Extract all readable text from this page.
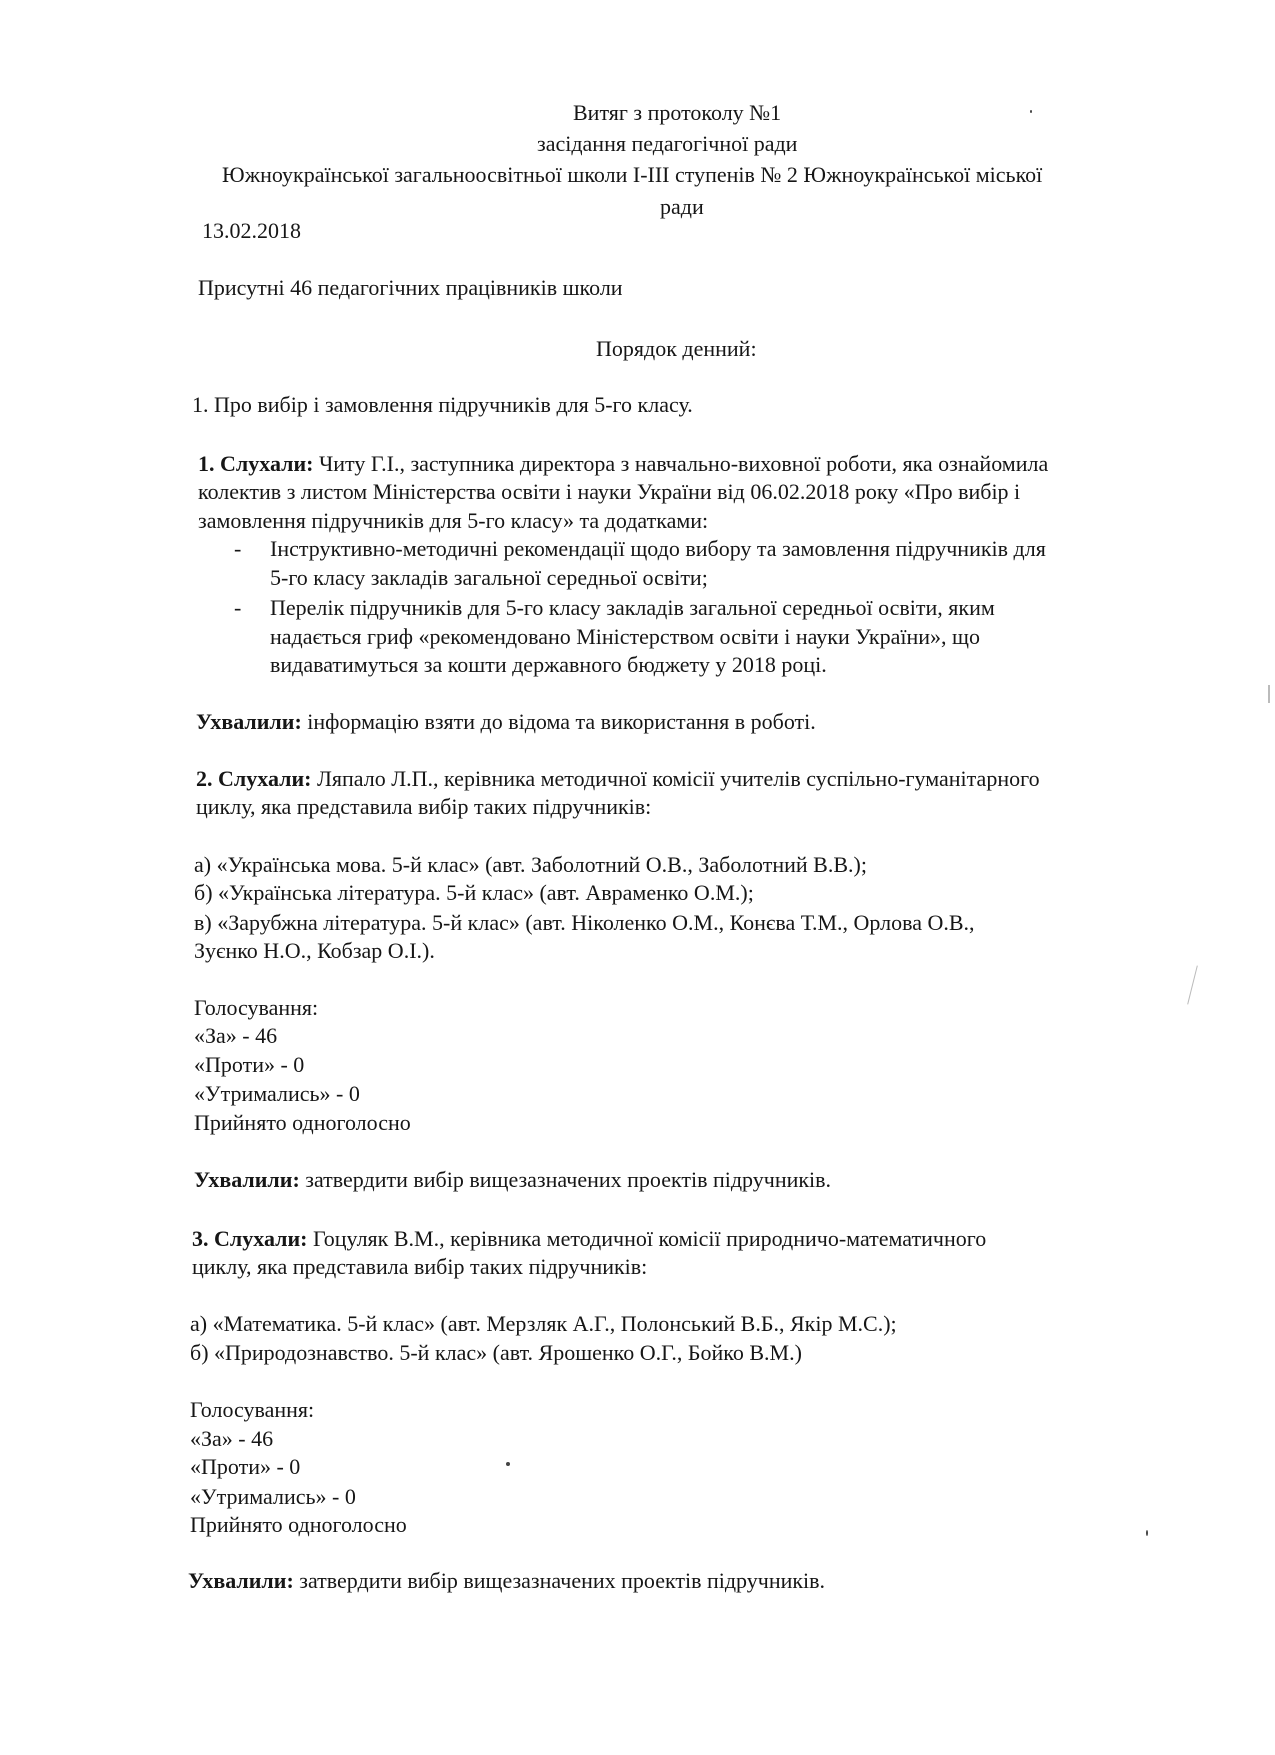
Витяг з протоколу №1
засідання педагогічної ради
Южноукраїнської загальноосвітньої школи І-ІІІ ступенів № 2 Южноукраїнської міської
ради
13.02.2018
Присутні 46 педагогічних працівників школи
Порядок денний:
1. Про вибір і замовлення підручників для 5-го класу.
1. Слухали: Читу Г.І., заступника директора з навчально-виховної роботи, яка ознайомила
колектив з листом Міністерства освіти і науки України від 06.02.2018 року «Про вибір і
замовлення підручників для 5-го класу» та додатками:
- Інструктивно-методичні рекомендації щодо вибору та замовлення підручників для
5-го класу закладів загальної середньої освіти;
- Перелік підручників для 5-го класу закладів загальної середньої освіти, яким
надається гриф «рекомендовано Міністерством освіти і науки України», що
видаватимуться за кошти державного бюджету у 2018 році.
Ухвалили: інформацію взяти до відома та використання в роботі.
2. Слухали: Ляпало Л.П., керівника методичної комісії учителів суспільно-гуманітарного
циклу, яка представила вибір таких підручників:
а) «Українська мова. 5-й клас» (авт. Заболотний О.В., Заболотний В.В.);
б) «Українська література. 5-й клас» (авт. Авраменко О.М.);
в) «Зарубжна література. 5-й клас» (авт. Ніколенко О.М., Конєва Т.М., Орлова О.В.,
Зуєнко Н.О., Кобзар О.І.).
Голосування:
«За» - 46
«Проти» - 0
«Утримались» - 0
Прийнято одноголосно
Ухвалили: затвердити вибір вищезазначених проектів підручників.
3. Слухали: Гоцуляк В.М., керівника методичної комісії природничо-математичного
циклу, яка представила вибір таких підручників:
а) «Математика. 5-й клас» (авт. Мерзляк А.Г., Полонський В.Б., Якір М.С.);
б) «Природознавство. 5-й клас» (авт. Ярошенко О.Г., Бойко В.М.)
Голосування:
«За» - 46
«Проти» - 0
«Утримались» - 0
Прийнято одноголосно
Ухвалили: затвердити вибір вищезазначених проектів підручників.
